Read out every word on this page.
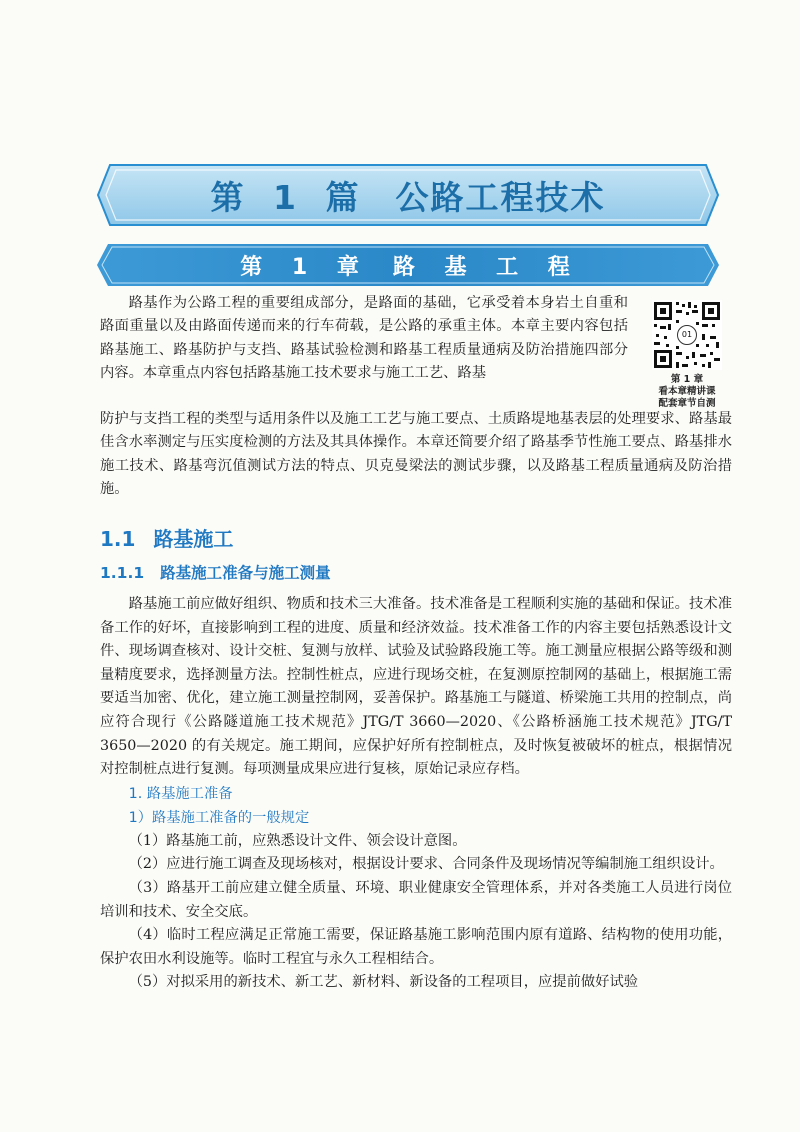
第 1 篇　公路工程技术
第 1 章　路 基 工 程
路基作为公路工程的重要组成部分，是路面的基础，它承受着本身岩土自重和路面重量以及由路面传递而来的行车荷载，是公路的承重主体。本章主要内容包括路基施工、路基防护与支挡、路基试验检测和路基工程质量通病及防治措施四部分内容。本章重点内容包括路基施工技术要求与施工工艺、路基
防护与支挡工程的类型与适用条件以及施工工艺与施工要点、土质路堤地基表层的处理要求、路基最佳含水率测定与压实度检测的方法及其具体操作。本章还简要介绍了路基季节性施工要点、路基排水施工技术、路基弯沉值测试方法的特点、贝克曼梁法的测试步骤，以及路基工程质量通病及防治措施。
01
第 1 章
看本章精讲课
配套章节自测
1.1 路基施工
1.1.1 路基施工准备与施工测量

路基施工前应做好组织、物质和技术三大准备。技术准备是工程顺利实施的基础和保证。技术准备工作的好坏，直接影响到工程的进度、质量和经济效益。技术准备工作的内容主要包括熟悉设计文件、现场调查核对、设计交桩、复测与放样、试验及试验路段施工等。施工测量应根据公路等级和测量精度要求，选择测量方法。控制性桩点，应进行现场交桩，在复测原控制网的基础上，根据施工需要适当加密、优化，建立施工测量控制网，妥善保护。路基施工与隧道、桥梁施工共用的控制点，尚应符合现行《公路隧道施工技术规范》JTG/T 3660—2020、《公路桥涵施工技术规范》JTG/T 3650—2020 的有关规定。施工期间，应保护好所有控制桩点，及时恢复被破坏的桩点，根据情况对控制桩点进行复测。每项测量成果应进行复核，原始记录应存档。

1. 路基施工准备

1）路基施工准备的一般规定

（1）路基施工前，应熟悉设计文件、领会设计意图。

（2）应进行施工调查及现场核对，根据设计要求、合同条件及现场情况等编制施工组织设计。

（3）路基开工前应建立健全质量、环境、职业健康安全管理体系，并对各类施工人员进行岗位培训和技术、安全交底。

（4）临时工程应满足正常施工需要，保证路基施工影响范围内原有道路、结构物的使用功能，保护农田水利设施等。临时工程宜与永久工程相结合。

（5）对拟采用的新技术、新工艺、新材料、新设备的工程项目，应提前做好试验
